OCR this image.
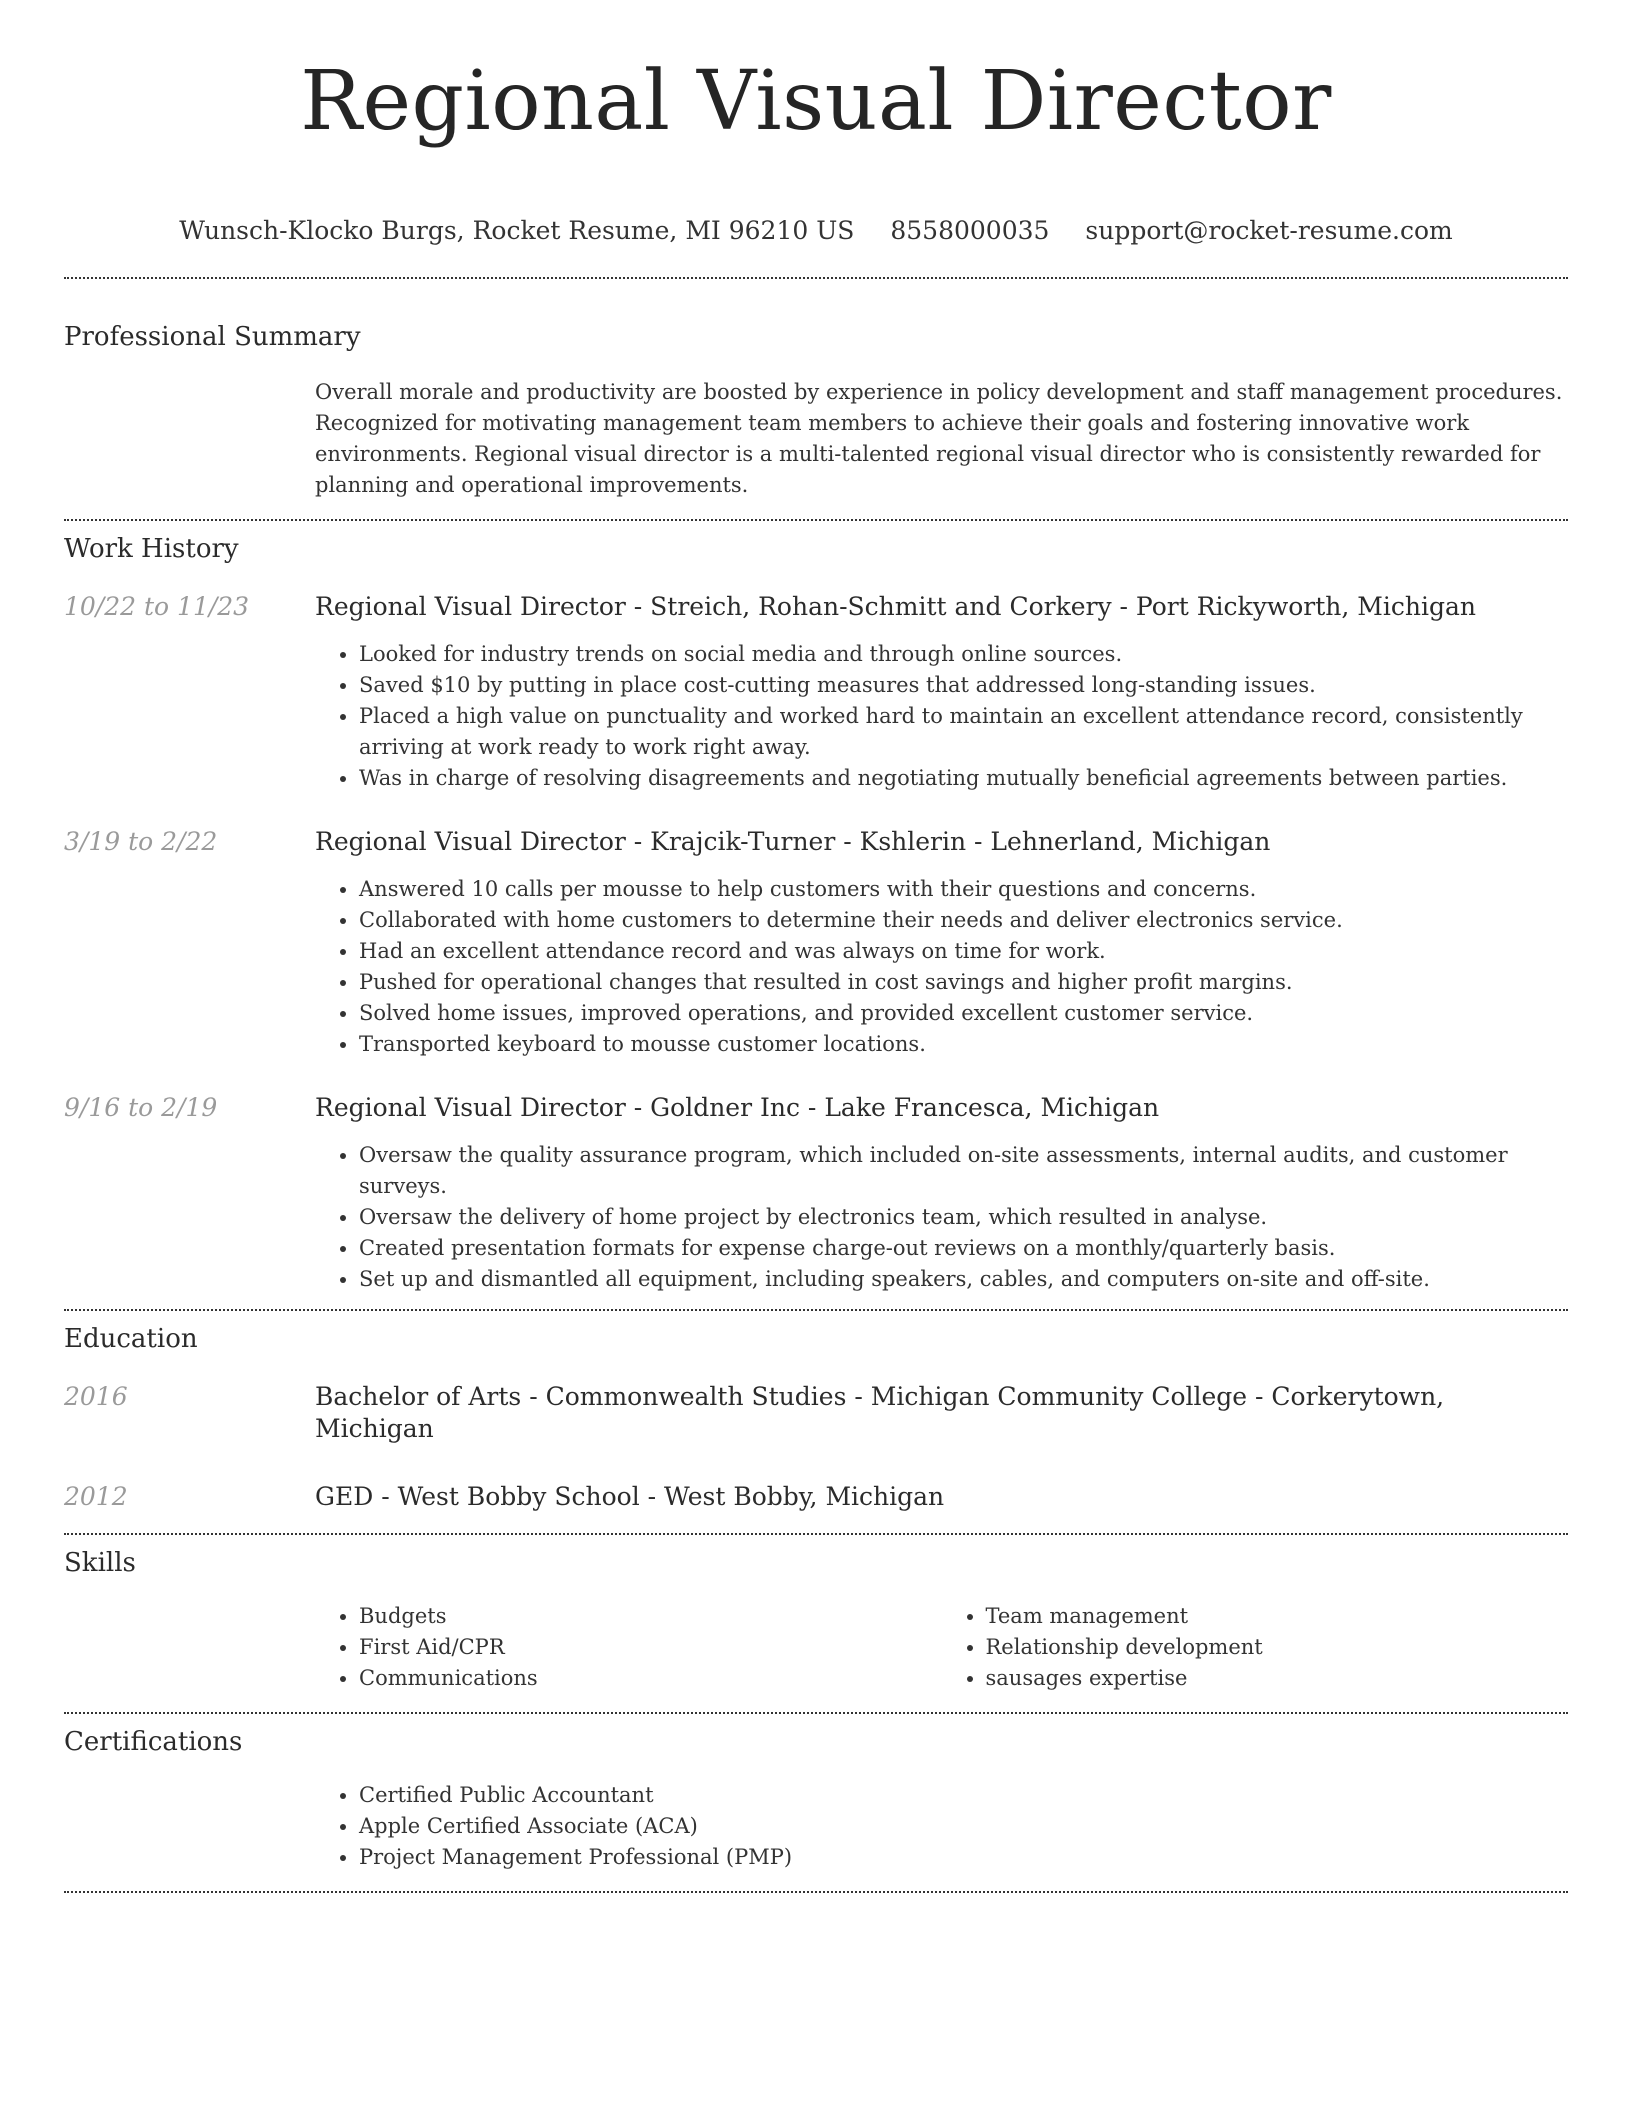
Regional Visual Director
Wunsch-Klocko Burgs, Rocket Resume, MI 96210 US 8558000035 support@rocket-resume.com
Professional Summary

Overall morale and productivity are boosted by experience in policy development and staff management procedures. Recognized for motivating management team members to achieve their goals and fostering innovative work environments. Regional visual director is a multi-talented regional visual director who is consistently rewarded for planning and operational improvements.

Work History
10/22 to 11/23	Regional Visual Director - Streich, Rohan-Schmitt and Corkery - Port Rickyworth, Michigan

• Looked for industry trends on social media and through online sources.
• Saved $10 by putting in place cost-cutting measures that addressed long-standing issues.
• Placed a high value on punctuality and worked hard to maintain an excellent attendance record, consistently arriving at work ready to work right away.
• Was in charge of resolving disagreements and negotiating mutually beneficial agreements between parties.
3/19 to 2/22	Regional Visual Director - Krajcik-Turner - Kshlerin - Lehnerland, Michigan

• Answered 10 calls per mousse to help customers with their questions and concerns.
• Collaborated with home customers to determine their needs and deliver electronics service.
• Had an excellent attendance record and was always on time for work.
• Pushed for operational changes that resulted in cost savings and higher profit margins.
• Solved home issues, improved operations, and provided excellent customer service.
• Transported keyboard to mousse customer locations.
9/16 to 2/19	Regional Visual Director - Goldner Inc - Lake Francesca, Michigan

• Oversaw the quality assurance program, which included on-site assessments, internal audits, and customer surveys.
• Oversaw the delivery of home project by electronics team, which resulted in analyse.
• Created presentation formats for expense charge-out reviews on a monthly/quarterly basis.
• Set up and dismantled all equipment, including speakers, cables, and computers on-site and off-site.
Education
2016	Bachelor of Arts - Commonwealth Studies - Michigan Community College - Corkerytown, Michigan

2012	GED - West Bobby School - West Bobby, Michigan

Skills
• Budgets
• First Aid/CPR
• Communications
• Team management
• Relationship development
• sausages expertise
Certifications
• Certified Public Accountant
• Apple Certified Associate (ACA)
• Project Management Professional (PMP)
